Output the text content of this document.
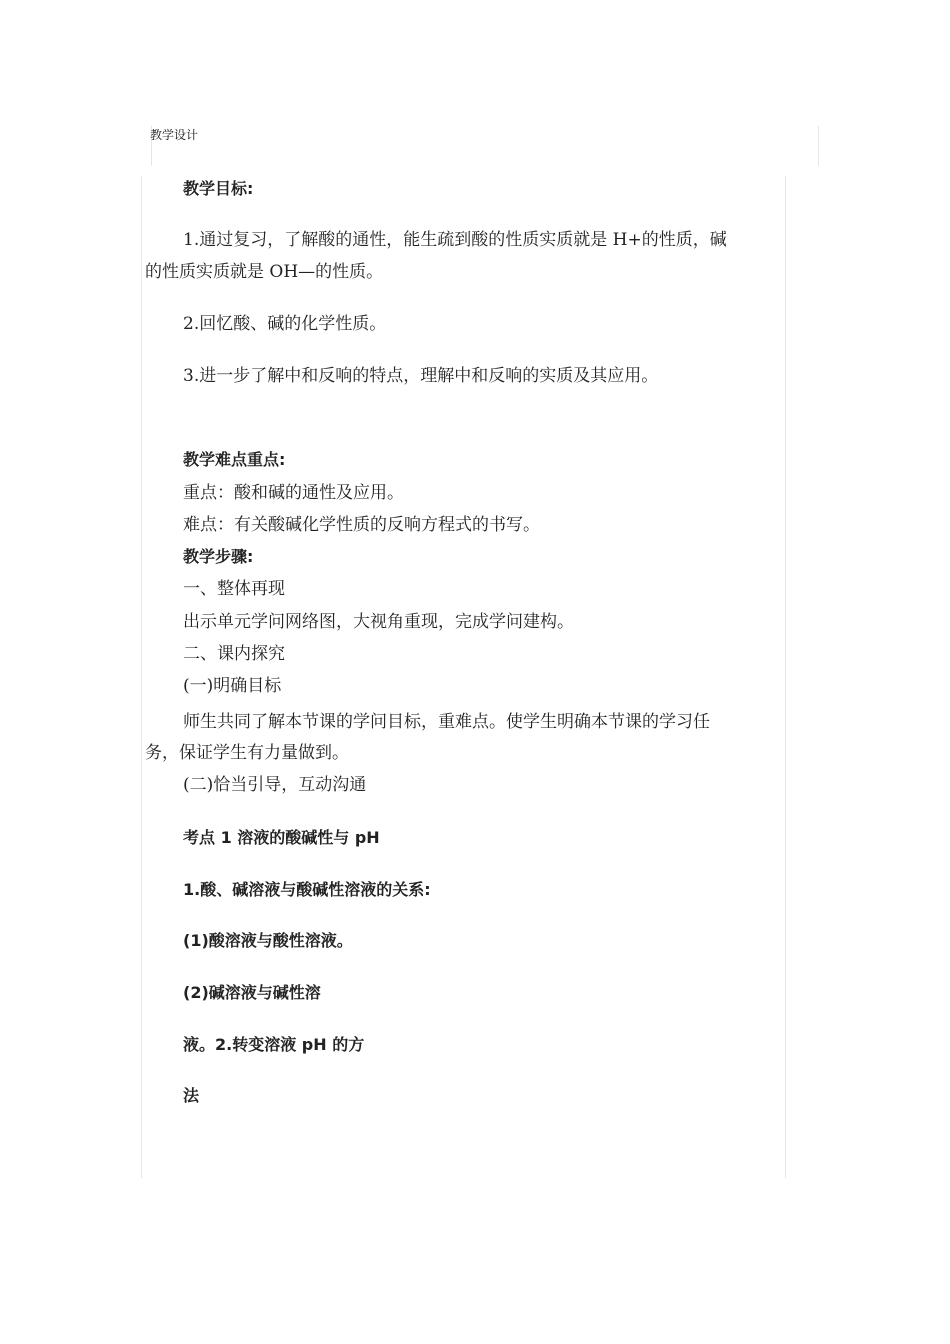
教学设计
教学目标:
1.通过复习，了解酸的通性，能生疏到酸的性质实质就是 H+的性质，碱
的性质实质就是 OH—的性质。
2.回忆酸、碱的化学性质。
3.进一步了解中和反响的特点，理解中和反响的实质及其应用。
教学难点重点:
重点：酸和碱的通性及应用。
难点：有关酸碱化学性质的反响方程式的书写。
教学步骤:
一、整体再现
出示单元学问网络图，大视角重现，完成学问建构。
二、课内探究
(一)明确目标
师生共同了解本节课的学问目标，重难点。使学生明确本节课的学习任
务，保证学生有力量做到。
(二)恰当引导，互动沟通
考点 1 溶液的酸碱性与 pH
1.酸、碱溶液与酸碱性溶液的关系:
(1)酸溶液与酸性溶液。
(2)碱溶液与碱性溶
液。2.转变溶液 pH 的方
法
